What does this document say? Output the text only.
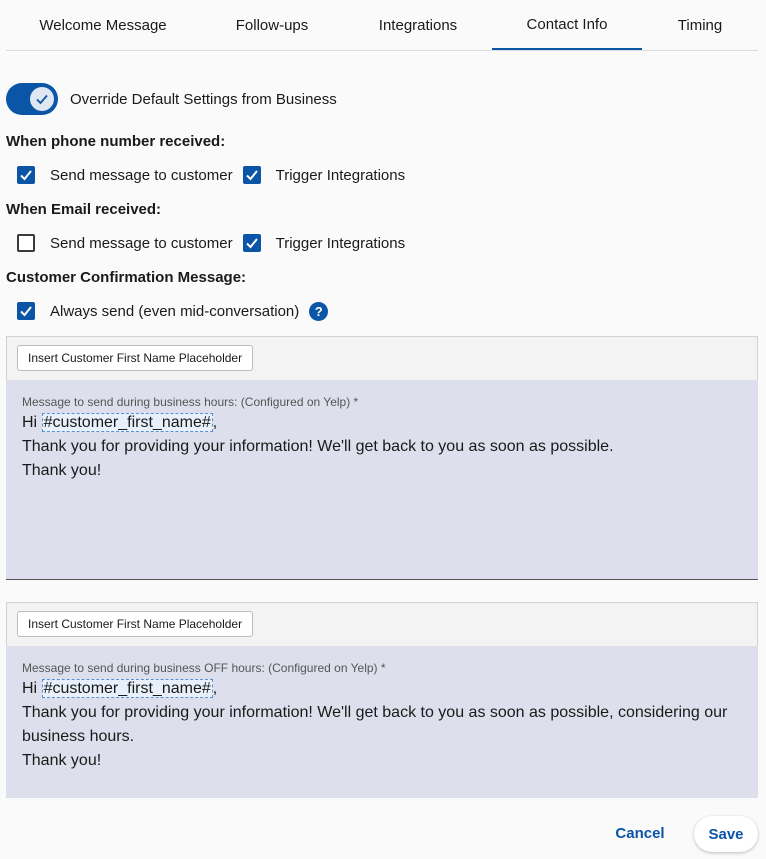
Welcome Message	Follow-ups	Integrations	Contact Info	Timing
Override Default Settings from Business
When phone number received:
Send message to customer	Trigger Integrations
When Email received:
Send message to customer	Trigger Integrations
Customer Confirmation Message:
Always send (even mid-conversation)	?
Insert Customer First Name Placeholder
Message to send during business hours: (Configured on Yelp) *
Hi #customer_first_name# ,
Thank you for providing your information! We'll get back to you as soon as possible.
Thank you!
Insert Customer First Name Placeholder
Message to send during business OFF hours: (Configured on Yelp) *
Hi #customer_first_name# ,
Thank you for providing your information! We'll get back to you as soon as possible, considering our business hours.
Thank you!
Cancel	Save
